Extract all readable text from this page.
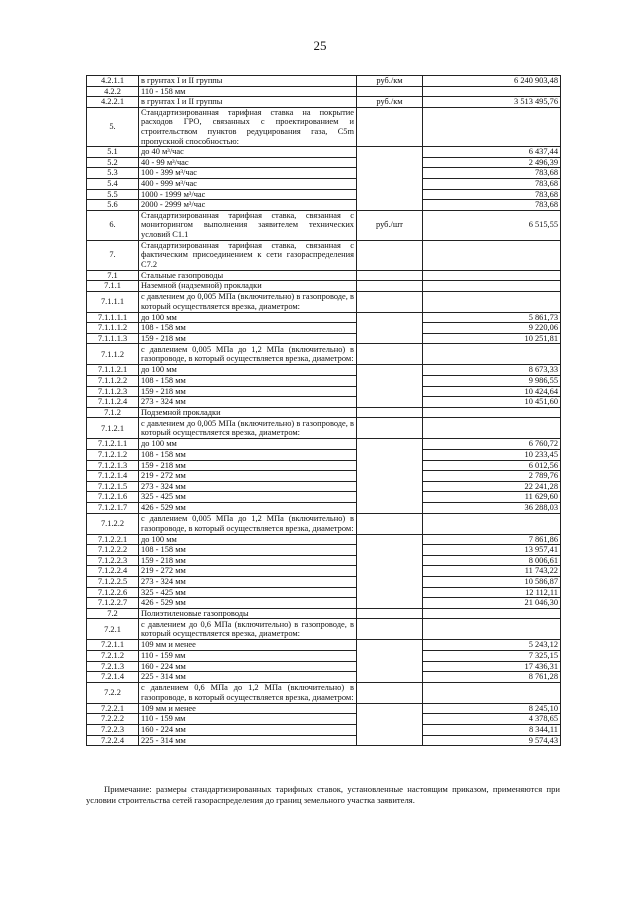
25
4.2.1.1	в грунтах I и II группы	руб./км	6 240 903,48
4.2.2	110 - 158 мм		
4.2.2.1	в грунтах I и II группы	руб./км	3 513 495,76
5.	Стандартизированная тарифная ставка на покрытие расходов ГРО, связанных с проектированием и строительством пунктов редуцирования газа, C5m пропускной способностью:		
5.1	до 40 м³/час		6 437,44
5.2	40 - 99 м³/час		2 496,39
5.3	100 - 399 м³/час		783,68
5.4	400 - 999 м³/час		783,68
5.5	1000 - 1999 м³/час		783,68
5.6	2000 - 2999 м³/час		783,68
6.	Стандартизированная тарифная ставка, связанная с мониторингом выполнения заявителем технических условий C1.1	руб./шт	6 515,55
7.	Стандартизированная тарифная ставка, связанная с фактическим присоединением к сети газораспределения C7.2		
7.1	Стальные газопроводы		
7.1.1	Наземной (надземной) прокладки		
7.1.1.1	с давлением до 0,005 МПа (включительно) в газопроводе, в который осуществляется врезка, диаметром:		
7.1.1.1.1	до 100 мм		5 861,73
7.1.1.1.2	108 - 158 мм		9 220,06
7.1.1.1.3	159 - 218 мм		10 251,81
7.1.1.2	с давлением 0,005 МПа до 1,2 МПа (включительно) в газопроводе, в который осуществляется врезка, диаметром:		
7.1.1.2.1	до 100 мм		8 673,33
7.1.1.2.2	108 - 158 мм		9 986,55
7.1.1.2.3	159 - 218 мм		10 424,64
7.1.1.2.4	273 - 324 мм		10 451,60
7.1.2	Подземной прокладки		
7.1.2.1	с давлением до 0,005 МПа (включительно) в газопроводе, в который осуществляется врезка, диаметром:		
7.1.2.1.1	до 100 мм		6 760,72
7.1.2.1.2	108 - 158 мм		10 233,45
7.1.2.1.3	159 - 218 мм		6 012,56
7.1.2.1.4	219 - 272 мм		2 789,76
7.1.2.1.5	273 - 324 мм		22 241,28
7.1.2.1.6	325 - 425 мм		11 629,60
7.1.2.1.7	426 - 529 мм		36 288,03
7.1.2.2	с давлением 0,005 МПа до 1,2 МПа (включительно) в газопроводе, в который осуществляется врезка, диаметром:		
7.1.2.2.1	до 100 мм		7 861,86
7.1.2.2.2	108 - 158 мм		13 957,41
7.1.2.2.3	159 - 218 мм		8 006,61
7.1.2.2.4	219 - 272 мм		11 743,22
7.1.2.2.5	273 - 324 мм		10 586,87
7.1.2.2.6	325 - 425 мм		12 112,11
7.1.2.2.7	426 - 529 мм		21 046,30
7.2	Полиэтиленовые газопроводы		
7.2.1	с давлением до 0,6 МПа (включительно) в газопроводе, в который осуществляется врезка, диаметром:		
7.2.1.1	109 мм и менее		5 243,12
7.2.1.2	110 - 159 мм		7 325,15
7.2.1.3	160 - 224 мм		17 436,31
7.2.1.4	225 - 314 мм		8 761,28
7.2.2	с давлением 0,6 МПа до 1,2 МПа (включительно) в газопроводе, в который осуществляется врезка, диаметром:		
7.2.2.1	109 мм и менее		8 245,10
7.2.2.2	110 - 159 мм		4 378,65
7.2.2.3	160 - 224 мм		8 344,11
7.2.2.4	225 - 314 мм		9 574,43
Примечание: размеры стандартизированных тарифных ставок, установленные настоящим приказом, применяются при условии строительства сетей газораспределения до границ земельного участка заявителя.
